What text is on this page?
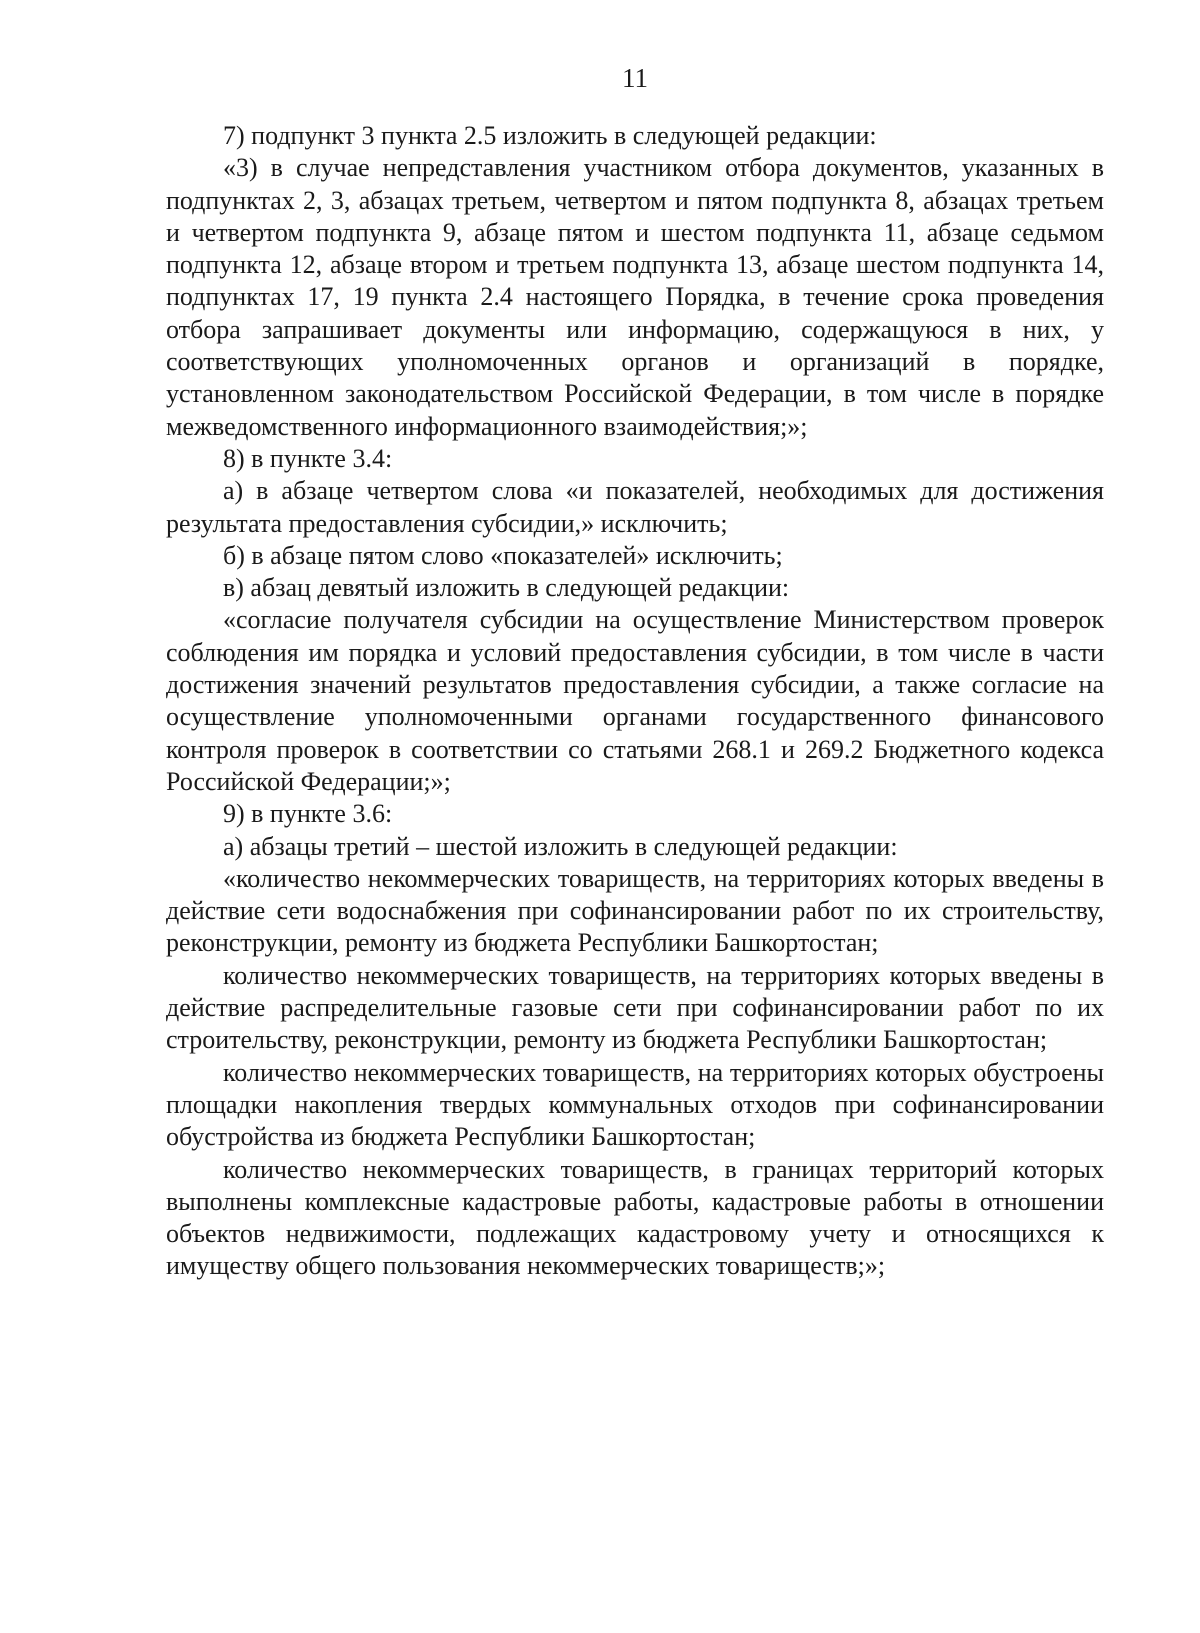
11

7) подпункт 3 пункта 2.5 изложить в следующей редакции:

«3) в случае непредставления участником отбора документов, указанных в подпунктах 2, 3, абзацах третьем, четвертом и пятом подпункта 8, абзацах третьем и четвертом подпункта 9, абзаце пятом и шестом подпункта 11, абзаце седьмом подпункта 12, абзаце втором и третьем подпункта 13, абзаце шестом подпункта 14, подпунктах 17, 19 пункта 2.4 настоящего Порядка, в течение срока проведения отбора запрашивает документы или информацию, содержащуюся в них, у соответствующих уполномоченных органов и организаций в порядке, установленном законодательством Российской Федерации, в том числе в порядке межведомственного информационного взаимодействия;»;

8) в пункте 3.4:

а) в абзаце четвертом слова «и показателей, необходимых для достижения результата предоставления субсидии,» исключить;

б) в абзаце пятом слово «показателей» исключить;

в) абзац девятый изложить в следующей редакции:

«согласие получателя субсидии на осуществление Министерством проверок соблюдения им порядка и условий предоставления субсидии, в том числе в части достижения значений результатов предоставления субсидии, а также согласие на осуществление уполномоченными органами государственного финансового контроля проверок в соответствии со статьями 268.1 и 269.2 Бюджетного кодекса Российской Федерации;»;

9) в пункте 3.6:

а) абзацы третий – шестой изложить в следующей редакции:

«количество некоммерческих товариществ, на территориях которых введены в действие сети водоснабжения при софинансировании работ по их строительству, реконструкции, ремонту из бюджета Республики Башкортостан;

количество некоммерческих товариществ, на территориях которых введены в действие распределительные газовые сети при софинансировании работ по их строительству, реконструкции, ремонту из бюджета Республики Башкортостан;

количество некоммерческих товариществ, на территориях которых обустроены площадки накопления твердых коммунальных отходов при софинансировании обустройства из бюджета Республики Башкортостан;

количество некоммерческих товариществ, в границах территорий которых выполнены комплексные кадастровые работы, кадастровые работы в отношении объектов недвижимости, подлежащих кадастровому учету и относящихся к имуществу общего пользования некоммерческих товариществ;»;
